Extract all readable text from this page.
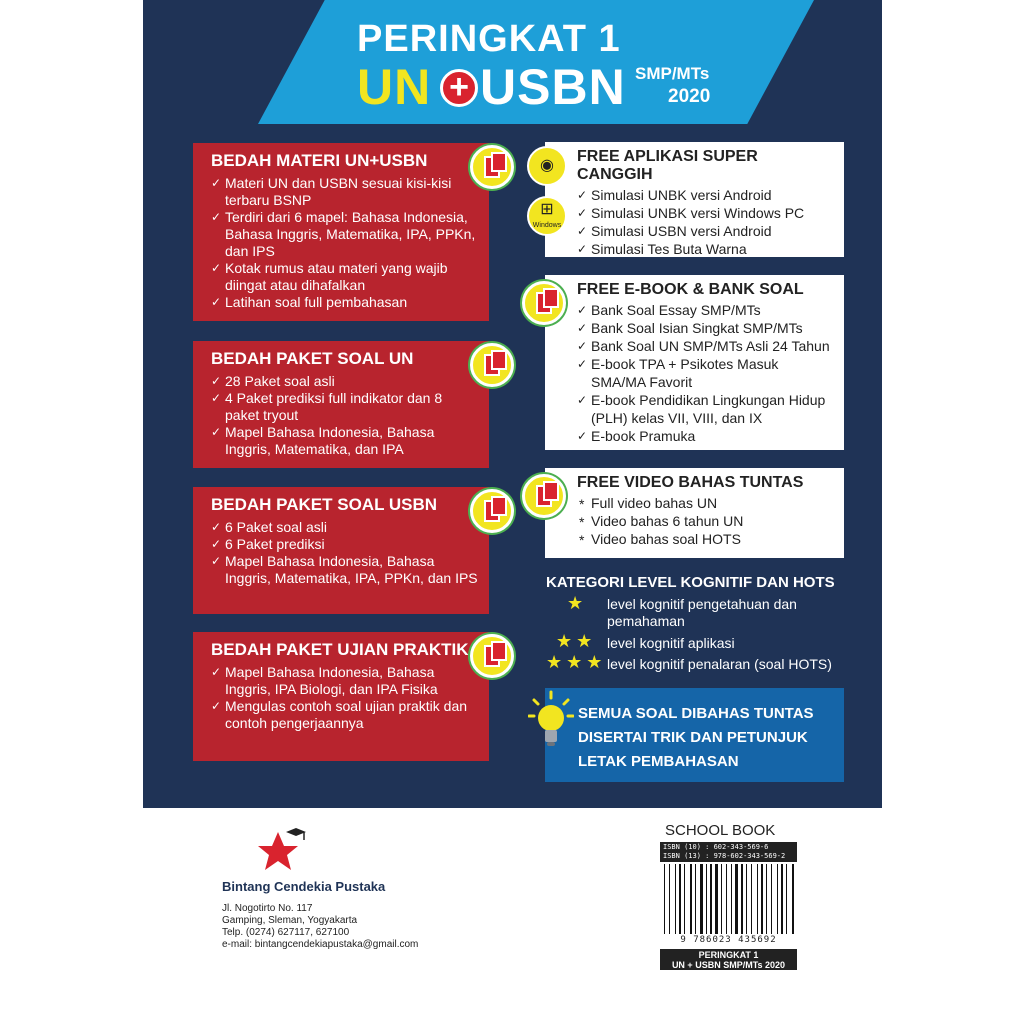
PERINGKAT 1
UN + USBN SMP/MTs
2020
BEDAH MATERI UN+USBN
✓ Materi UN dan USBN sesuai kisi-kisi terbaru BSNP
✓ Terdiri dari 6 mapel: Bahasa Indonesia, Bahasa Inggris, Matematika, IPA, PPKn, dan IPS
✓ Kotak rumus atau materi yang wajib diingat atau dihafalkan
✓ Latihan soal full pembahasan
BEDAH PAKET SOAL UN
✓ 28 Paket soal asli
✓ 4 Paket prediksi full indikator dan 8 paket tryout
✓ Mapel Bahasa Indonesia, Bahasa Inggris, Matematika, dan IPA
BEDAH PAKET SOAL USBN
✓ 6 Paket soal asli
✓ 6 Paket prediksi
✓ Mapel Bahasa Indonesia, Bahasa Inggris, Matematika, IPA, PPKn, dan IPS
BEDAH PAKET UJIAN PRAKTIK
✓ Mapel Bahasa Indonesia, Bahasa Inggris, IPA Biologi, dan IPA Fisika
✓ Mengulas contoh soal ujian praktik dan contoh pengerjaannya
FREE APLIKASI SUPER CANGGIH
✓ Simulasi UNBK versi Android
✓ Simulasi UNBK versi Windows PC
✓ Simulasi USBN versi Android
✓ Simulasi Tes Buta Warna
◉
⊞
Windows
FREE E-BOOK & BANK SOAL
✓ Bank Soal Essay SMP/MTs
✓ Bank Soal Isian Singkat SMP/MTs
✓ Bank Soal UN SMP/MTs Asli 24 Tahun
✓ E-book TPA + Psikotes Masuk SMA/MA Favorit
✓ E-book Pendidikan Lingkungan Hidup (PLH) kelas VII, VIII, dan IX
✓ E-book Pramuka
FREE VIDEO BAHAS TUNTAS
* Full video bahas UN
* Video bahas 6 tahun UN
* Video bahas soal HOTS
KATEGORI LEVEL KOGNITIF DAN HOTS
★ level kognitif pengetahuan dan pemahaman
★★ level kognitif aplikasi
★★★ level kognitif penalaran (soal HOTS)
SEMUA SOAL DIBAHAS TUNTAS
DISERTAI TRIK DAN PETUNJUK
LETAK PEMBAHASAN
Bintang Cendekia Pustaka
Jl. Nogotirto No. 117
Gamping, Sleman, Yogyakarta
Telp. (0274) 627117, 627100
e-mail: bintangcendekiapustaka@gmail.com
SCHOOL BOOK
ISBN (10) : 602-343-569-6
ISBN (13) : 978-602-343-569-2
9 786023 435692
PERINGKAT 1
UN + USBN SMP/MTs 2020
